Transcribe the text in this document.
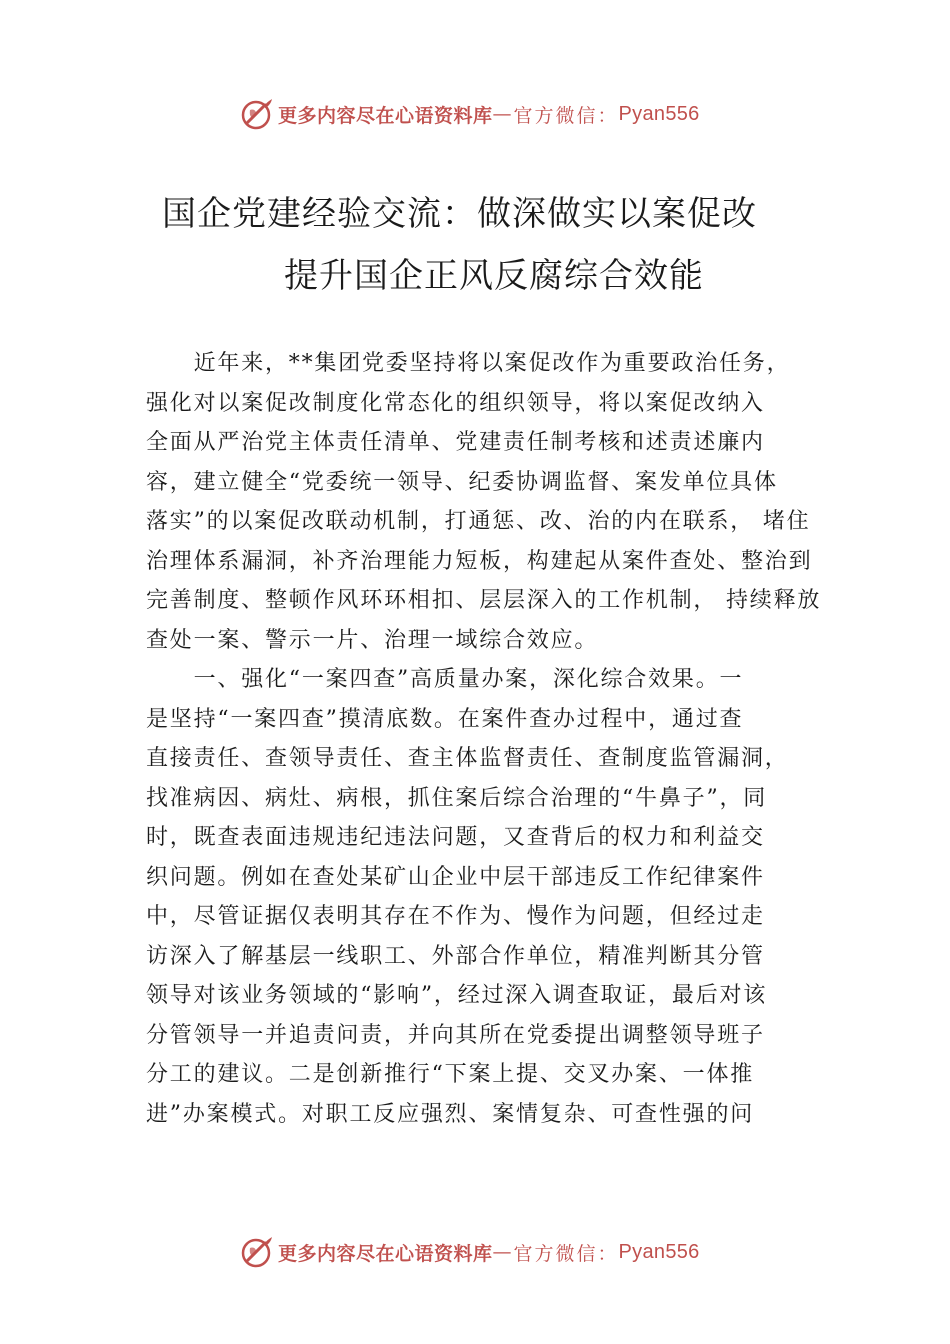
更多内容尽在心语资料库 — 官方微信： Pyan556
国企党建经验交流：做深做实以案促改
提升国企正风反腐综合效能
　　近年来，**集团党委坚持将以案促改作为重要政治任务，
强化对以案促改制度化常态化的组织领导，将以案促改纳入
全面从严治党主体责任清单、党建责任制考核和述责述廉内
容，建立健全“党委统一领导、纪委协调监督、案发单位具体
落实”的以案促改联动机制，打通惩、改、治的内在联系， 堵住
治理体系漏洞，补齐治理能力短板，构建起从案件查处、整治到
完善制度、整顿作风环环相扣、层层深入的工作机制， 持续释放
查处一案、警示一片、治理一域综合效应。
　　一、强化“一案四查”高质量办案，深化综合效果。一
是坚持“一案四查”摸清底数。在案件查办过程中，通过查
直接责任、查领导责任、查主体监督责任、查制度监管漏洞，
找准病因、病灶、病根，抓住案后综合治理的“牛鼻子”，同
时，既查表面违规违纪违法问题，又查背后的权力和利益交
织问题。例如在查处某矿山企业中层干部违反工作纪律案件
中，尽管证据仅表明其存在不作为、慢作为问题，但经过走
访深入了解基层一线职工、外部合作单位，精准判断其分管
领导对该业务领域的“影响”，经过深入调查取证，最后对该
分管领导一并追责问责，并向其所在党委提出调整领导班子
分工的建议。二是创新推行“下案上提、交叉办案、一体推
进”办案模式。对职工反应强烈、案情复杂、可查性强的问
更多内容尽在心语资料库 — 官方微信： Pyan556
